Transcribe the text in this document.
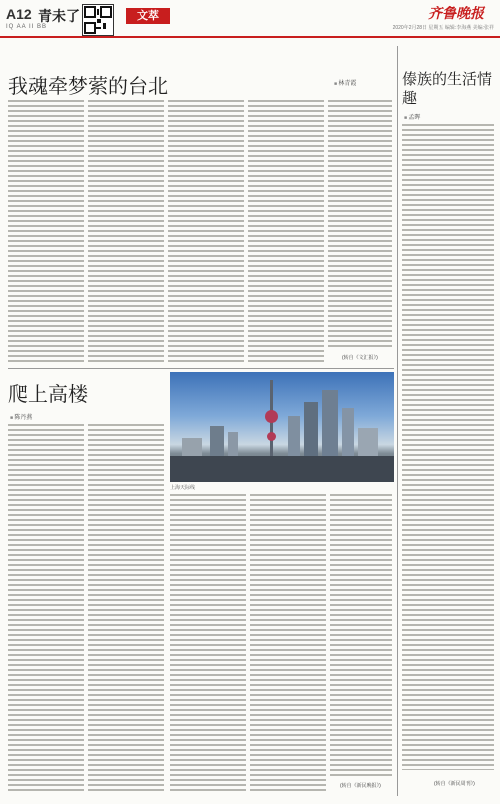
A12 青未了
IQ AA II BB
文萃	齐鲁晚报
2020年2月28日 星期五 编辑:李海燕 美编:张祥
我魂牵梦萦的台北
■	林青霞
(转自《文汇报》)
爬上高楼
■ 陈丹燕
上海天际线
(转自《新民晚报》)
傣族的生活情趣
■ 孟晖
(转自《新民周刊》)
